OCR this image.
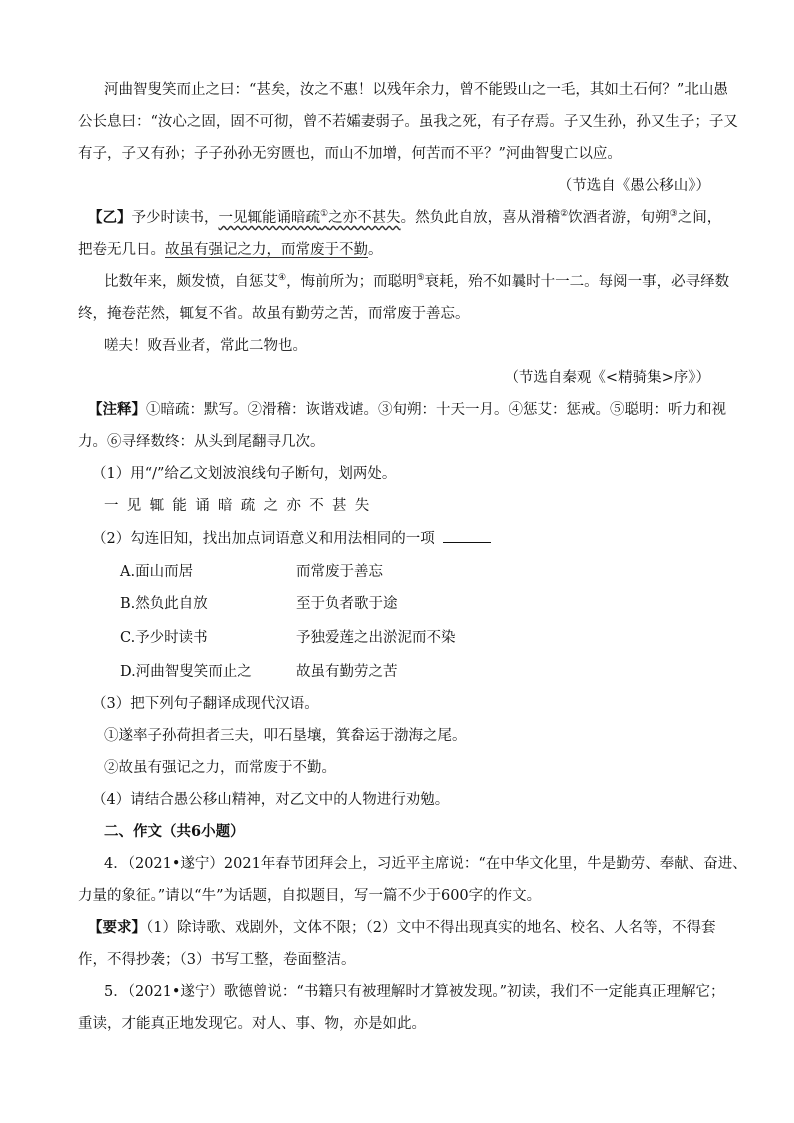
河曲智叟笑而止之曰：“甚矣，汝之不惠！以残年余力，曾不能毁山之一毛，其如土石何？”北山愚
公长息曰：“汝心之固，固不可彻，曾不若孀妻弱子。虽我之死，有子存焉。子又生孙，孙又生子；子又
有子，子又有孙；子子孙孙无穷匮也，而山不加增，何苦而不平？”河曲智叟亡以应。
（节选自《愚公移山》）
【乙】予少时读书，一见辄能诵暗疏①之亦不甚失。然负此自放，喜从滑稽②饮酒者游，旬朔③之间，
把卷无几日。故虽有强记之力，而常废于不勤。
比数年来，颇发愤，自惩艾④，悔前所为；而聪明⑤衰耗，殆不如曩时十一二。每阅一事，必寻绎数
终，掩卷茫然，辄复不省。故虽有勤劳之苦，而常废于善忘。
嗟夫！败吾业者，常此二物也。
（节选自秦观《<精骑集>序》）
【注释】①暗疏：默写。②滑稽：诙谐戏谑。③旬朔：十天一月。④惩艾：惩戒。⑤聪明：听力和视
力。⑥寻绎数终：从头到尾翻寻几次。
（1）用“/”给乙文划波浪线句子断句，划两处。
一见辄能诵暗疏之亦不甚失
（2）勾连旧知，找出加点词语意义和用法相同的一项
A.面山而居	而常废于善忘
B.然负此自放	至于负者歌于途
C.予少时读书	予独爱莲之出淤泥而不染
D.河曲智叟笑而止之	故虽有勤劳之苦
（3）把下列句子翻译成现代汉语。
①遂率子孙荷担者三夫，叩石垦壤，箕畚运于渤海之尾。
②故虽有强记之力，而常废于不勤。
（4）请结合愚公移山精神，对乙文中的人物进行劝勉。
二、作文（共6小题）
4．（2021•遂宁）2021年春节团拜会上，习近平主席说：“在中华文化里，牛是勤劳、奉献、奋进、
力量的象征。”请以“牛”为话题，自拟题目，写一篇不少于600字的作文。
【要求】（1）除诗歌、戏剧外，文体不限；（2）文中不得出现真实的地名、校名、人名等，不得套
作，不得抄袭；（3）书写工整，卷面整洁。
5．（2021•遂宁）歌德曾说：“书籍只有被理解时才算被发现。”初读，我们不一定能真正理解它；
重读，才能真正地发现它。对人、事、物，亦是如此。
